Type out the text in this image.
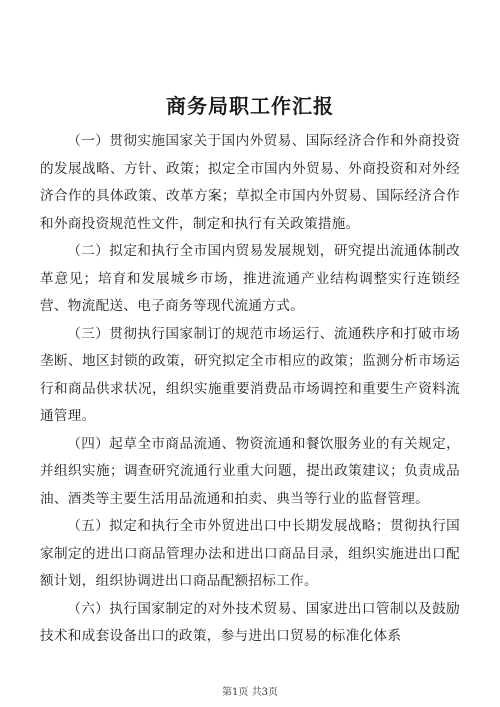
商务局职工作汇报

（一）贯彻实施国家关于国内外贸易、国际经济合作和外商投资的发展战略、方针、政策；拟定全市国内外贸易、外商投资和对外经济合作的具体政策、改革方案；草拟全市国内外贸易、国际经济合作和外商投资规范性文件，制定和执行有关政策措施。

（二）拟定和执行全市国内贸易发展规划，研究提出流通体制改革意见；培育和发展城乡市场，推进流通产业结构调整实行连锁经营、物流配送、电子商务等现代流通方式。

（三）贯彻执行国家制订的规范市场运行、流通秩序和打破市场垄断、地区封锁的政策，研究拟定全市相应的政策；监测分析市场运行和商品供求状况，组织实施重要消费品市场调控和重要生产资料流通管理。

（四）起草全市商品流通、物资流通和餐饮服务业的有关规定，并组织实施；调查研究流通行业重大问题，提出政策建议；负责成品油、酒类等主要生活用品流通和拍卖、典当等行业的监督管理。

（五）拟定和执行全市外贸进出口中长期发展战略；贯彻执行国家制定的进出口商品管理办法和进出口商品目录，组织实施进出口配额计划，组织协调进出口商品配额招标工作。

（六）执行国家制定的对外技术贸易、国家进出口管制以及鼓励技术和成套设备出口的政策，参与进出口贸易的标准化体系

第1页 共3页
